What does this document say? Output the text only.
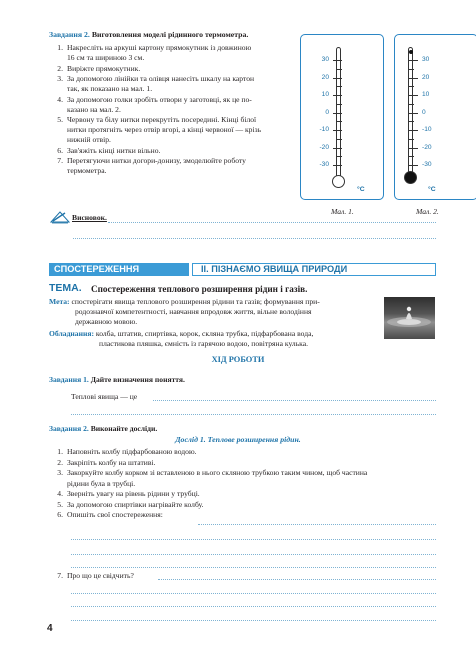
Завдання 2. Виготовлення моделі рідинного термометра.
1. Накресліть на аркуші картону прямокутник із довжиною
16 см та шириною 3 см.
2. Виріжте прямокутник.
3. За допомогою лінійки та олівця нанесіть шкалу на картон
так, як показано на мал. 1.
4. За допомогою голки зробіть отвори у заготовці, як це по-
казано на мал. 2.
5. Червону та білу нитки перекрутіть посередині. Кінці білої
нитки протягніть через отвір вгорі, а кінці червоної — крізь
нижній отвір.
6. Зав'яжіть кінці нитки вільно.
7. Перетягуючи нитки догори-донизу, змоделюйте роботу
термометра.
30
20
10
0
-10
-20
-30
°C
Мал. 1.
30
20
10
0
-10
-20
-30
°C
Мал. 2.
Висновок.
СПОСТЕРЕЖЕННЯ	ІІ. ПІЗНАЄМО ЯВИЩА ПРИРОДИ
ТЕМА. Спостереження теплового розширення рідин і газів.
Мета: спостерігати явища теплового розширення рідини та газів; формування при-
родознавчої компетентності, навчання впродовж життя, вільне володіння
державною мовою.
Обладнання: колба, штатив, спиртівка, корок, скляна трубка, підфарбована вода,
пластикова пляшка, ємність із гарячою водою, повітряна кулька.
ХІД РОБОТИ
Завдання 1. Дайте визначення поняття.
Теплові явища — це
Завдання 2. Виконайте досліди.
Дослід 1. Теплове розширення рідин.
1. Наповніть колбу підфарбованою водою.
2. Закріпіть колбу на штативі.
3. Закоркуйте колбу корком зі вставленою в нього скляною трубкою таким чином, щоб частина
рідини була в трубці.
4. Зверніть увагу на рівень рідини у трубці.
5. За допомогою спиртівки нагрівайте колбу.
6. Опишіть свої спостереження:
7. Про що це свідчить?
4
